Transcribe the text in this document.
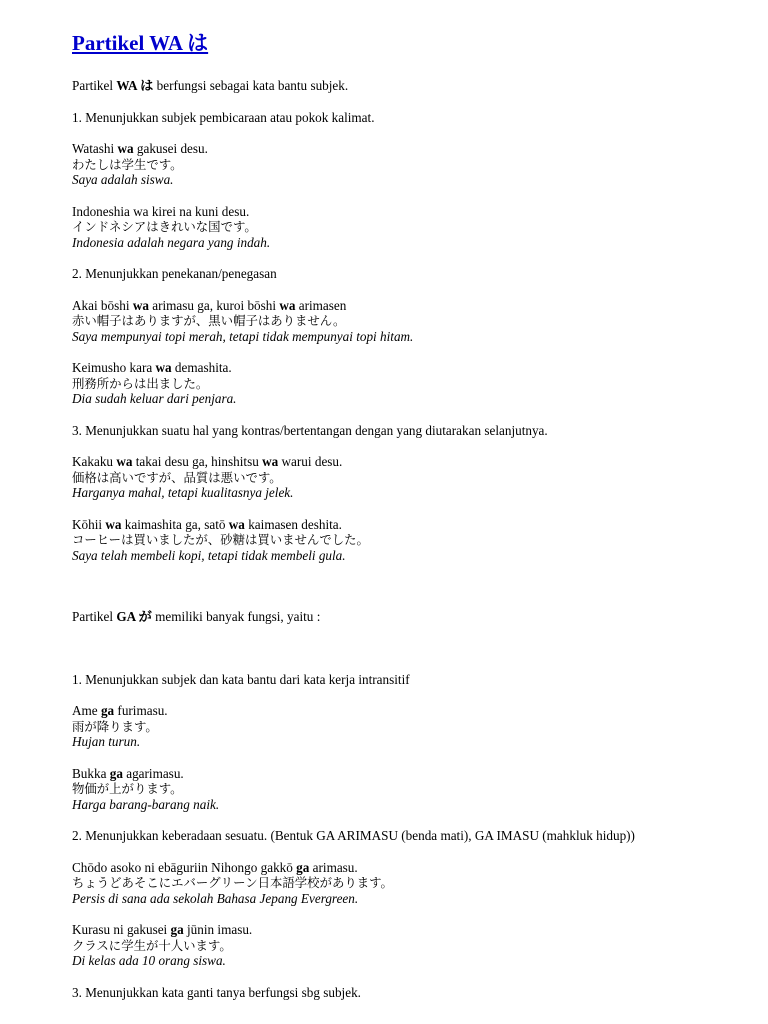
Partikel WA は
Partikel WA は berfungsi sebagai kata bantu subjek.
1. Menunjukkan subjek pembicaraan atau pokok kalimat.
Watashi wa gakusei desu.
わたしは学生です。
Saya adalah siswa.
Indoneshia wa kirei na kuni desu.
インドネシアはきれいな国です。
Indonesia adalah negara yang indah.
2. Menunjukkan penekanan/penegasan
Akai bōshi wa arimasu ga, kuroi bōshi wa arimasen
赤い帽子はありますが、黒い帽子はありません。
Saya mempunyai topi merah, tetapi tidak mempunyai topi hitam.
Keimusho kara wa demashita.
刑務所からは出ました。
Dia sudah keluar dari penjara.
3. Menunjukkan suatu hal yang kontras/bertentangan dengan yang diutarakan selanjutnya.
Kakaku wa takai desu ga, hinshitsu wa warui desu.
価格は高いですが、品質は悪いです。
Harganya mahal, tetapi kualitasnya jelek.
Kōhii wa kaimashita ga, satō wa kaimasen deshita.
コーヒーは買いましたが、砂糖は買いませんでした。
Saya telah membeli kopi, tetapi tidak membeli gula.
Partikel GA が memiliki banyak fungsi, yaitu :
1. Menunjukkan subjek dan kata bantu dari kata kerja intransitif
Ame ga furimasu.
雨が降ります。
Hujan turun.
Bukka ga agarimasu.
物価が上がります。
Harga barang-barang naik.
2. Menunjukkan keberadaan sesuatu. (Bentuk GA ARIMASU (benda mati), GA IMASU (mahkluk hidup))
Chōdo asoko ni ebāguriin Nihongo gakkō ga arimasu.
ちょうどあそこにエバーグリーン日本語学校があります。
Persis di sana ada sekolah Bahasa Jepang Evergreen.
Kurasu ni gakusei ga jūnin imasu.
クラスに学生が十人います。
Di kelas ada 10 orang siswa.
3. Menunjukkan kata ganti tanya berfungsi sbg subjek.
